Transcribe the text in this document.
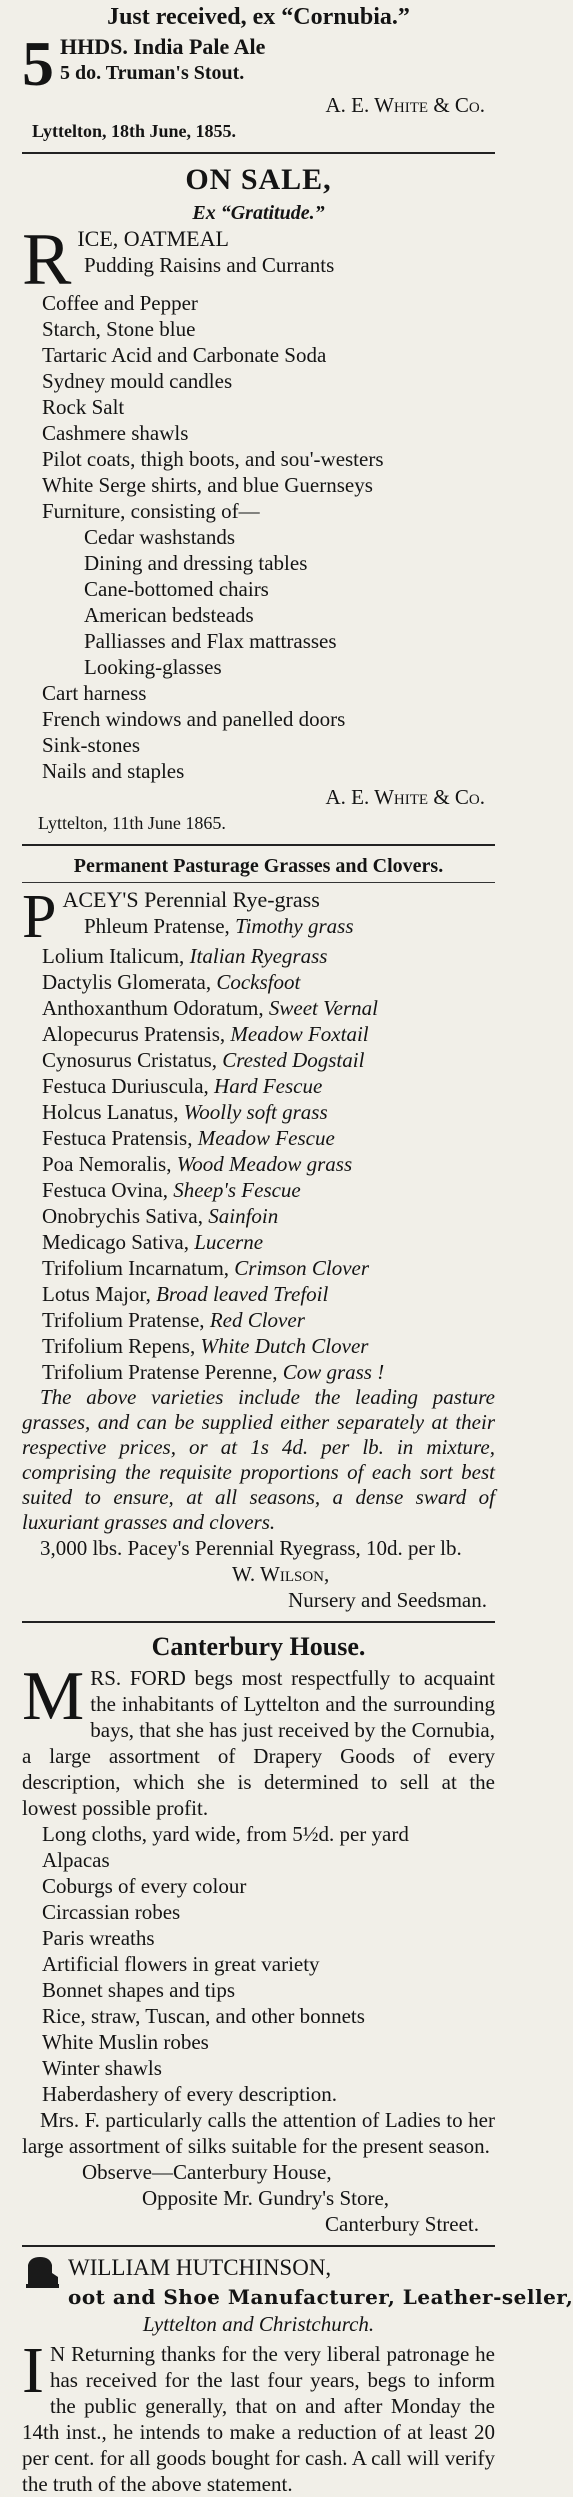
Just received, ex “Cornubia.”
5 HHDS. India Pale Ale
5 do. Truman's Stout.
A. E. White & Co.
Lyttelton, 18th June, 1855.
ON SALE,
Ex “Gratitude.”
R ICE, OATMEAL
Pudding Raisins and Currants
Coffee and Pepper
Starch, Stone blue
Tartaric Acid and Carbonate Soda
Sydney mould candles
Rock Salt
Cashmere shawls
Pilot coats, thigh boots, and sou'-westers
White Serge shirts, and blue Guernseys
Furniture, consisting of—
Cedar washstands
Dining and dressing tables
Cane-bottomed chairs
American bedsteads
Palliasses and Flax mattrasses
Looking-glasses
Cart harness
French windows and panelled doors
Sink-stones
Nails and staples
A. E. White & Co.
Lyttelton, 11th June 1865.
Permanent Pasturage Grasses and Clovers.
P ACEY'S Perennial Rye-grass
Phleum Pratense, Timothy grass
Lolium Italicum, Italian Ryegrass
Dactylis Glomerata, Cocksfoot
Anthoxanthum Odoratum, Sweet Vernal
Alopecurus Pratensis, Meadow Foxtail
Cynosurus Cristatus, Crested Dogstail
Festuca Duriuscula, Hard Fescue
Holcus Lanatus, Woolly soft grass
Festuca Pratensis, Meadow Fescue
Poa Nemoralis, Wood Meadow grass
Festuca Ovina, Sheep's Fescue
Onobrychis Sativa, Sainfoin
Medicago Sativa, Lucerne
Trifolium Incarnatum, Crimson Clover
Lotus Major, Broad leaved Trefoil
Trifolium Pratense, Red Clover
Trifolium Repens, White Dutch Clover
Trifolium Pratense Perenne, Cow grass !
The above varieties include the leading pasture grasses, and can be supplied either separately at their respective prices, or at 1s 4d. per lb. in mixture, comprising the requisite proportions of each sort best suited to ensure, at all seasons, a dense sward of luxuriant grasses and clovers.
3,000 lbs. Pacey's Perennial Ryegrass, 10d. per lb.
W. Wilson,
Nursery and Seedsman.
Canterbury House.
M RS. FORD begs most respectfully to acquaint the inhabitants of Lyttelton and the surrounding bays, that she has just received by the Cornubia, a large assortment of Drapery Goods of every description, which she is determined to sell at the lowest possible profit.
Long cloths, yard wide, from 5½d. per yard
Alpacas
Coburgs of every colour
Circassian robes
Paris wreaths
Artificial flowers in great variety
Bonnet shapes and tips
Rice, straw, Tuscan, and other bonnets
White Muslin robes
Winter shawls
Haberdashery of every description.
Mrs. F. particularly calls the attention of Ladies to her large assortment of silks suitable for the present season.
Observe—Canterbury House,
Opposite Mr. Gundry's Store,
Canterbury Street.
WILLIAM HUTCHINSON,
oot and Shoe Manufacturer, Leather-seller,
Lyttelton and Christchurch.
I N Returning thanks for the very liberal patronage he has received for the last four years, begs to inform the public generally, that on and after Monday the 14th inst., he intends to make a reduction of at least 20 per cent. for all goods bought for cash. A call will verify the truth of the above statement.
